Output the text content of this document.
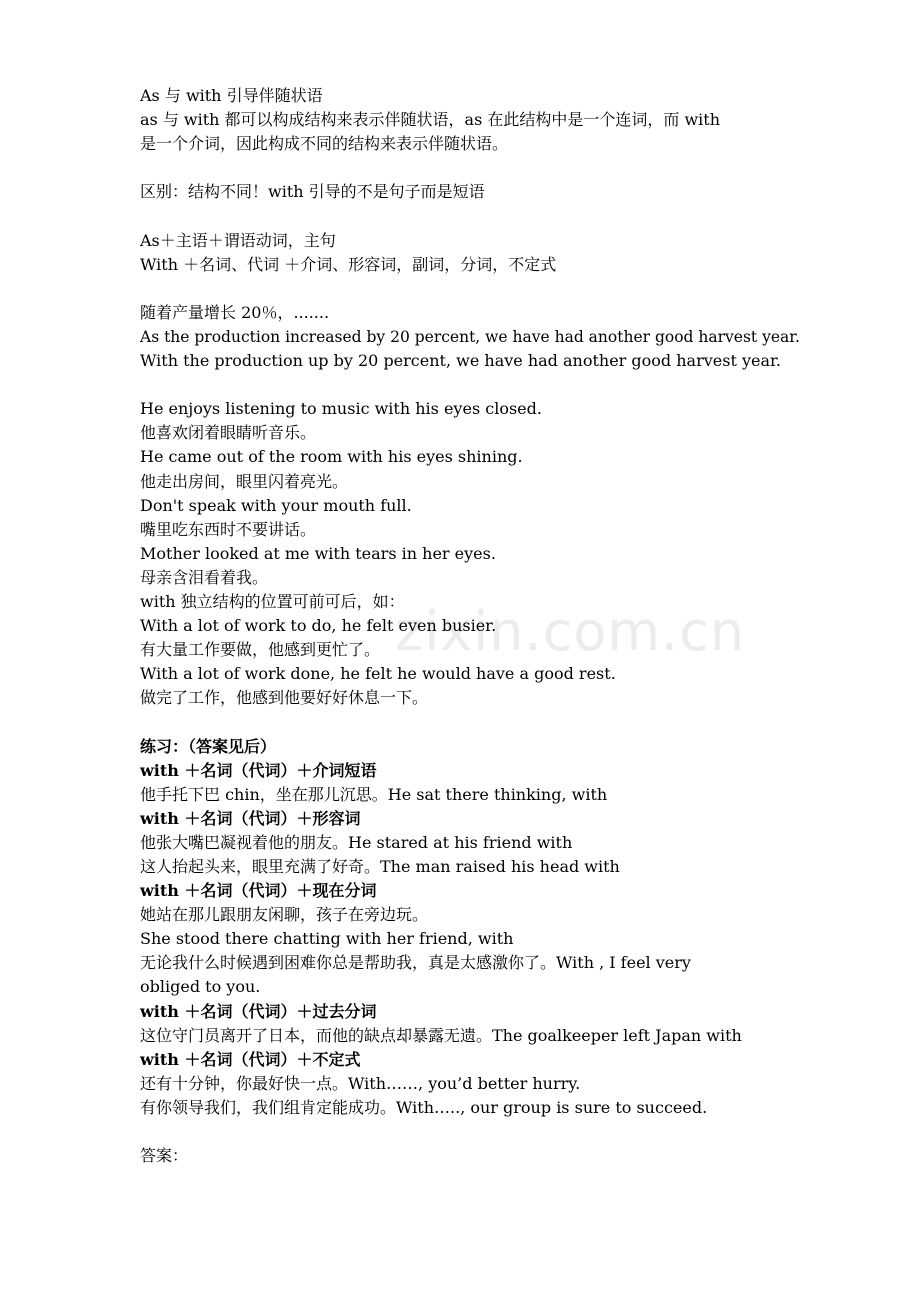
zixin.com.cn
As 与 with 引导伴随状语
as 与 with 都可以构成结构来表示伴随状语，as 在此结构中是一个连词，而 with
是一个介词，因此构成不同的结构来表示伴随状语。
区别：结构不同！with 引导的不是句子而是短语
As＋主语＋谓语动词，主句
With ＋名词、代词 ＋介词、形容词，副词，分词，不定式
随着产量增长 20％，.......
As the production increased by 20 percent, we have had another good harvest year.
With the production up by 20 percent, we have had another good harvest year.
He enjoys listening to music with his eyes closed.
他喜欢闭着眼睛听音乐。
He came out of the room with his eyes shining.
他走出房间，眼里闪着亮光。
Don't speak with your mouth full.
嘴里吃东西时不要讲话。
Mother looked at me with tears in her eyes.
母亲含泪看着我。
with 独立结构的位置可前可后，如：
With a lot of work to do, he felt even busier.
有大量工作要做，他感到更忙了。
With a lot of work done, he felt he would have a good rest.
做完了工作，他感到他要好好休息一下。
练习：（答案见后）
with ＋名词（代词）＋介词短语
他手托下巴 chin，坐在那儿沉思。He sat there thinking, with
with ＋名词（代词）＋形容词
他张大嘴巴凝视着他的朋友。He stared at his friend with
这人抬起头来，眼里充满了好奇。The man raised his head with
with ＋名词（代词）＋现在分词
她站在那儿跟朋友闲聊，孩子在旁边玩。
She stood there chatting with her friend, with
无论我什么时候遇到困难你总是帮助我，真是太感激你了。With , I feel very
obliged to you.
with ＋名词（代词）＋过去分词
这位守门员离开了日本，而他的缺点却暴露无遗。The goalkeeper left Japan with
with ＋名词（代词）＋不定式
还有十分钟，你最好快一点。With……, you’d better hurry.
有你领导我们，我们组肯定能成功。With….., our group is sure to succeed.
答案：
